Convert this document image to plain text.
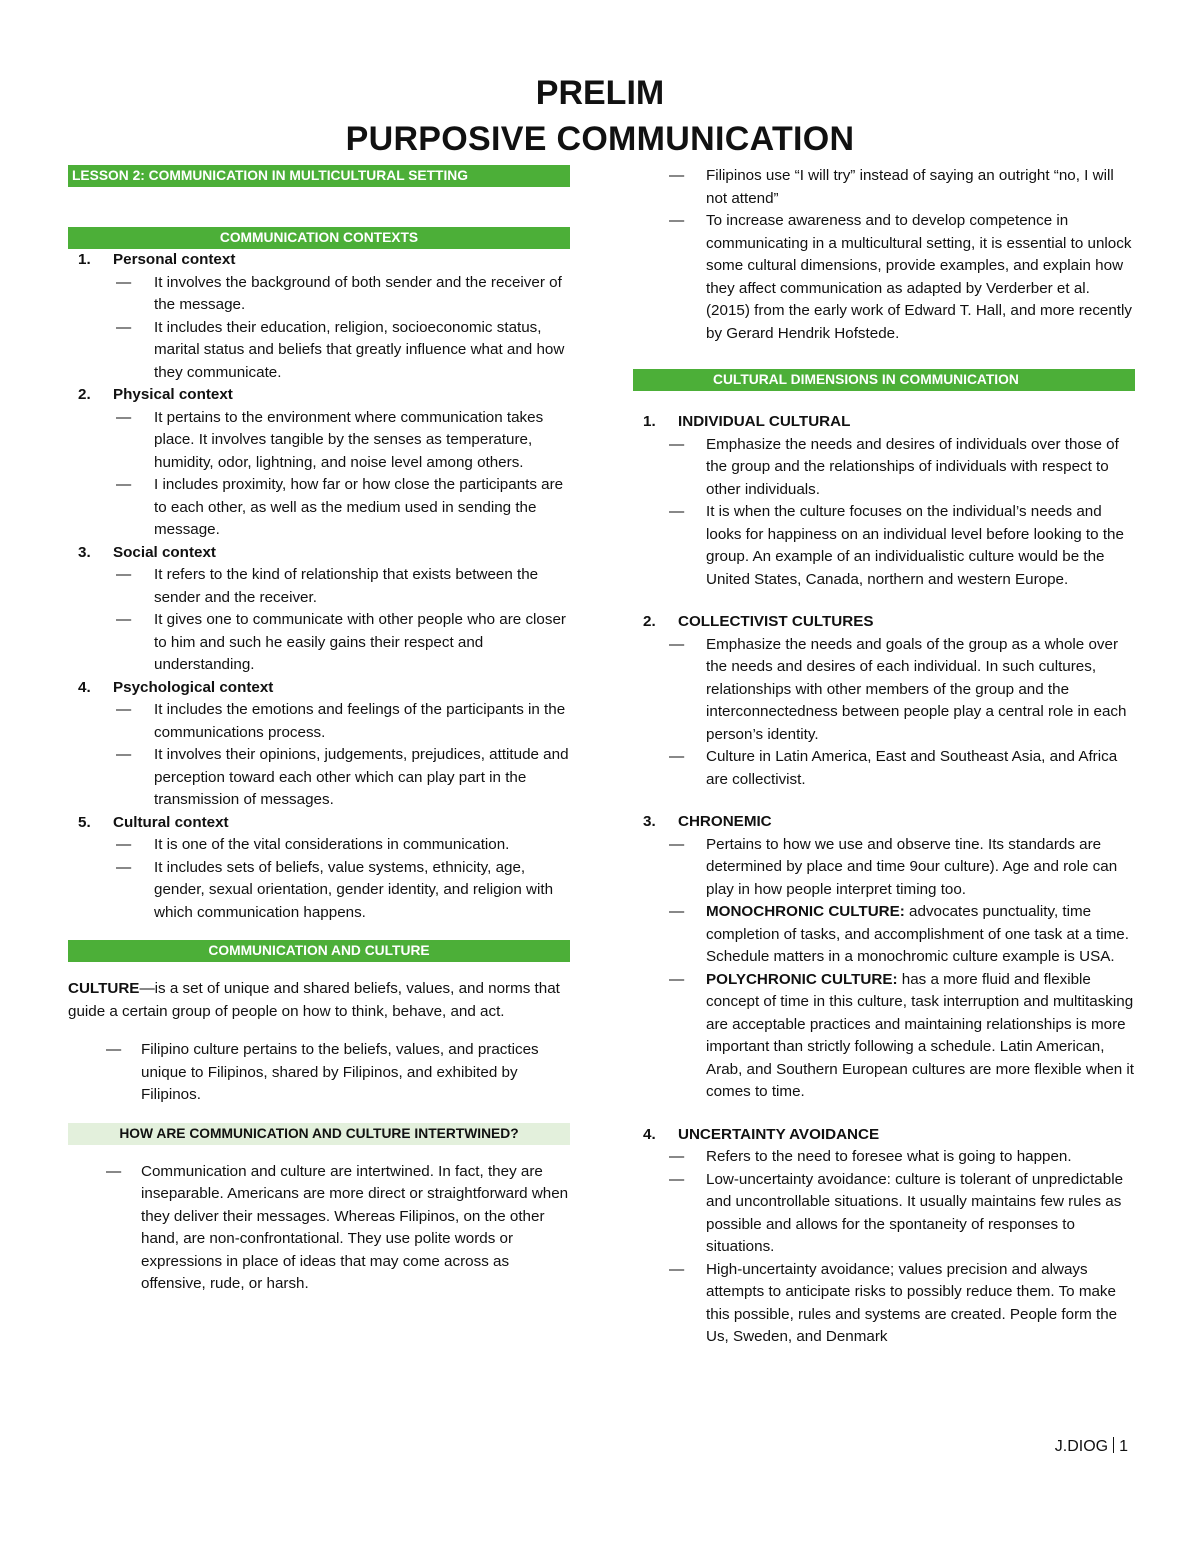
PRELIM
PURPOSIVE COMMUNICATION
LESSON 2: COMMUNICATION IN MULTICULTURAL SETTING
COMMUNICATION CONTEXTS
1. Personal context
— It involves the background of both sender and the receiver of the message.
— It includes their education, religion, socioeconomic status, marital status and beliefs that greatly influence what and how they communicate.
2. Physical context
— It pertains to the environment where communication takes place. It involves tangible by the senses as temperature, humidity, odor, lightning, and noise level among others.
— I includes proximity, how far or how close the participants are to each other, as well as the medium used in sending the message.
3. Social context
— It refers to the kind of relationship that exists between the sender and the receiver.
— It gives one to communicate with other people who are closer to him and such he easily gains their respect and understanding.
4. Psychological context
— It includes the emotions and feelings of the participants in the communications process.
— It involves their opinions, judgements, prejudices, attitude and perception toward each other which can play part in the transmission of messages.
5. Cultural context
— It is one of the vital considerations in communication.
— It includes sets of beliefs, value systems, ethnicity, age, gender, sexual orientation, gender identity, and religion with which communication happens.
COMMUNICATION AND CULTURE
CULTURE—is a set of unique and shared beliefs, values, and norms that guide a certain group of people on how to think, behave, and act.
— Filipino culture pertains to the beliefs, values, and practices unique to Filipinos, shared by Filipinos, and exhibited by Filipinos.
HOW ARE COMMUNICATION AND CULTURE INTERTWINED?
— Communication and culture are intertwined. In fact, they are inseparable. Americans are more direct or straightforward when they deliver their messages. Whereas Filipinos, on the other hand, are non-confrontational. They use polite words or expressions in place of ideas that may come across as offensive, rude, or harsh.
— Filipinos use “I will try” instead of saying an outright “no, I will not attend”
— To increase awareness and to develop competence in communicating in a multicultural setting, it is essential to unlock some cultural dimensions, provide examples, and explain how they affect communication as adapted by Verderber et al. (2015) from the early work of Edward T. Hall, and more recently by Gerard Hendrik Hofstede.
CULTURAL DIMENSIONS IN COMMUNICATION
1. INDIVIDUAL CULTURAL
— Emphasize the needs and desires of individuals over those of the group and the relationships of individuals with respect to other individuals.
— It is when the culture focuses on the individual’s needs and looks for happiness on an individual level before looking to the group. An example of an individualistic culture would be the United States, Canada, northern and western Europe.
2. COLLECTIVIST CULTURES
— Emphasize the needs and goals of the group as a whole over the needs and desires of each individual. In such cultures, relationships with other members of the group and the interconnectedness between people play a central role in each person’s identity.
— Culture in Latin America, East and Southeast Asia, and Africa are collectivist.
3. CHRONEMIC
— Pertains to how we use and observe tine. Its standards are determined by place and time 9our culture). Age and role can play in how people interpret timing too.
— MONOCHRONIC CULTURE: advocates punctuality, time completion of tasks, and accomplishment of one task at a time. Schedule matters in a monochromic culture example is USA.
— POLYCHRONIC CULTURE: has a more fluid and flexible concept of time in this culture, task interruption and multitasking are acceptable practices and maintaining relationships is more important than strictly following a schedule. Latin American, Arab, and Southern European cultures are more flexible when it comes to time.
4. UNCERTAINTY AVOIDANCE
— Refers to the need to foresee what is going to happen.
— Low-uncertainty avoidance: culture is tolerant of unpredictable and uncontrollable situations. It usually maintains few rules as possible and allows for the spontaneity of responses to situations.
— High-uncertainty avoidance; values precision and always attempts to anticipate risks to possibly reduce them. To make this possible, rules and systems are created. People form the Us, Sweden, and Denmark
J.DIOG 1
